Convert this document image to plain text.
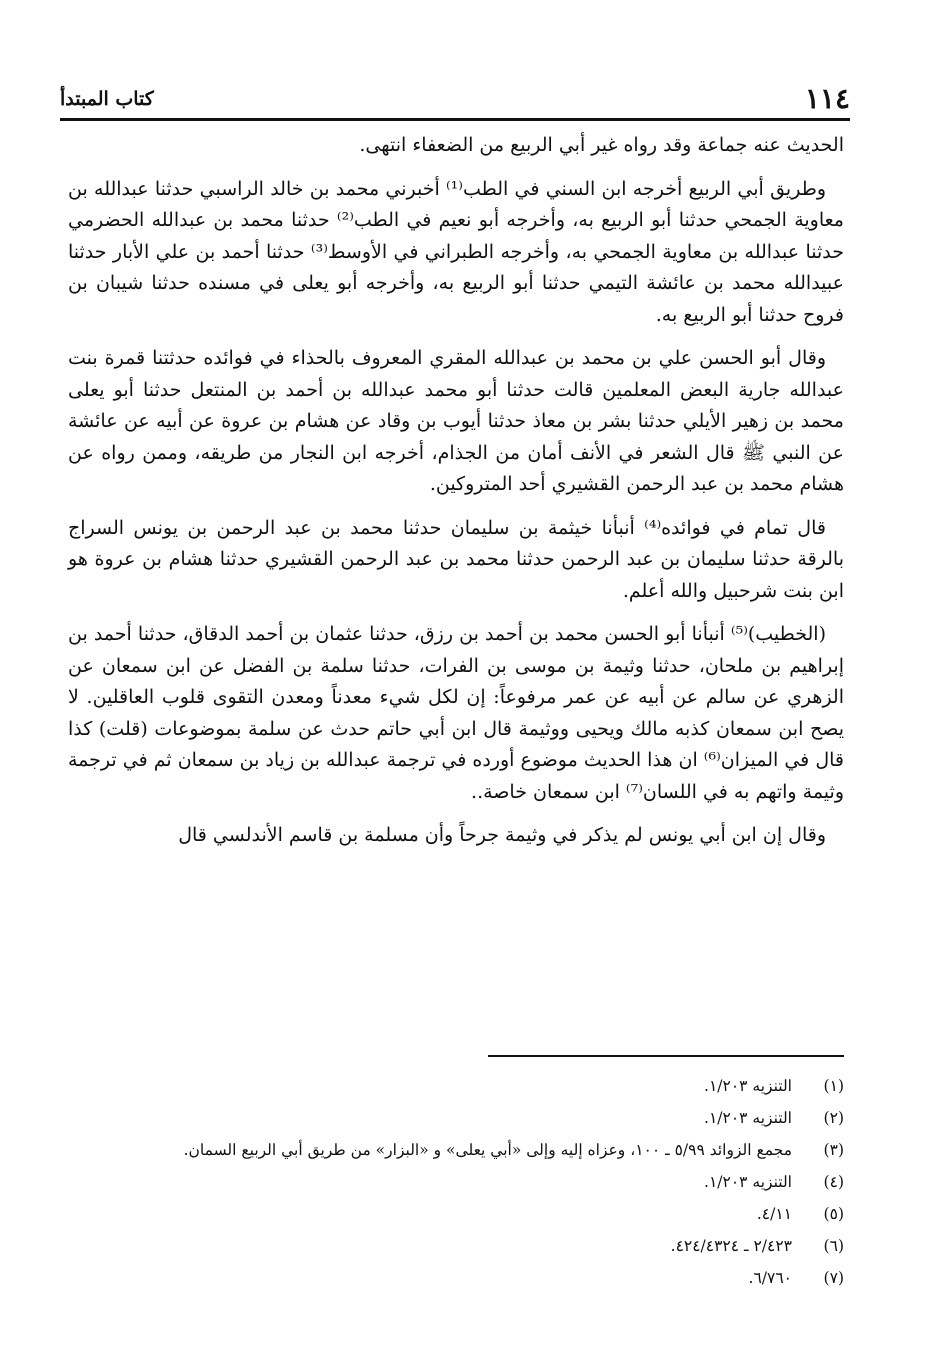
١١٤
كتاب المبتدأ

الحديث عنه جماعة وقد رواه غير أبي الربيع من الضعفاء انتهى.

وطريق أبي الربيع أخرجه ابن السني في الطب⁽¹⁾ أخبرني محمد بن خالد الراسبي حدثنا عبدالله بن معاوية الجمحي حدثنا أبو الربيع به، وأخرجه أبو نعيم في الطب⁽²⁾ حدثنا محمد بن عبدالله الحضرمي حدثنا عبدالله بن معاوية الجمحي به، وأخرجه الطبراني في الأوسط⁽³⁾ حدثنا أحمد بن علي الأبار حدثنا عبيدالله محمد بن عائشة التيمي حدثنا أبو الربيع به، وأخرجه أبو يعلى في مسنده حدثنا شيبان بن فروح حدثنا أبو الربيع به.

وقال أبو الحسن علي بن محمد بن عبدالله المقري المعروف بالحذاء في فوائده حدثتنا قمرة بنت عبدالله جارية البعض المعلمين قالت حدثنا أبو محمد عبدالله بن أحمد بن المنتعل حدثنا أبو يعلى محمد بن زهير الأيلي حدثنا بشر بن معاذ حدثنا أيوب بن وقاد عن هشام بن عروة عن أبيه عن عائشة عن النبي ﷺ قال الشعر في الأنف أمان من الجذام، أخرجه ابن النجار من طريقه، وممن رواه عن هشام محمد بن عبد الرحمن القشيري أحد المتروكين.

قال تمام في فوائده⁽⁴⁾ أنبأنا خيثمة بن سليمان حدثنا محمد بن عبد الرحمن بن يونس السراج بالرقة حدثنا سليمان بن عبد الرحمن حدثنا محمد بن عبد الرحمن القشيري حدثنا هشام بن عروة هو ابن بنت شرحبيل والله أعلم.

(الخطيب)⁽⁵⁾ أنبأنا أبو الحسن محمد بن أحمد بن رزق، حدثنا عثمان بن أحمد الدقاق، حدثنا أحمد بن إبراهيم بن ملحان، حدثنا وثيمة بن موسى بن الفرات، حدثنا سلمة بن الفضل عن ابن سمعان عن الزهري عن سالم عن أبيه عن عمر مرفوعاً: إن لكل شيء معدناً ومعدن التقوى قلوب العاقلين. لا يصح ابن سمعان كذبه مالك ويحيى ووثيمة قال ابن أبي حاتم حدث عن سلمة بموضوعات (قلت) كذا قال في الميزان⁽⁶⁾ ان هذا الحديث موضوع أورده في ترجمة عبدالله بن زياد بن سمعان ثم في ترجمة وثيمة واتهم به في اللسان⁽⁷⁾ ابن سمعان خاصة..

وقال إن ابن أبي يونس لم يذكر في وثيمة جرحاً وأن مسلمة بن قاسم الأندلسي قال

(١)
التنزيه ١/٢٠٣.
(٢)
التنزيه ١/٢٠٣.
(٣)
مجمع الزوائد ٥/٩٩ ـ ١٠٠، وعزاه إليه وإلى «أبي يعلى» و «البزار» من طريق أبي الربيع السمان.
(٤)
التنزيه ١/٢٠٣.
(٥)
٤/١١.
(٦)
٢/٤٢٣ ـ ٤٢٤/٤٣٢٤.
(٧)
٦/٧٦٠.
